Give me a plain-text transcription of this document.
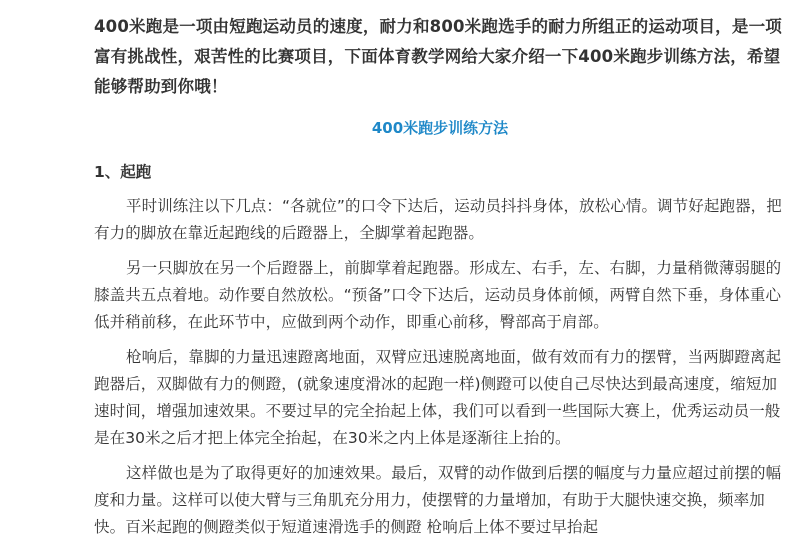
400米跑是一项由短跑运动员的速度，耐力和800米跑选手的耐力所组正的运动项目，是一项富有挑战性，艰苦性的比赛项目，下面体育教学网给大家介绍一下400米跑步训练方法，希望能够帮助到你哦！

400米跑步训练方法
1、起跑

平时训练注以下几点：“各就位”的口令下达后，运动员抖抖身体，放松心情。调节好起跑器，把有力的脚放在靠近起跑线的后蹬器上，全脚掌着起跑器。

另一只脚放在另一个后蹬器上，前脚掌着起跑器。形成左、右手，左、右脚，力量稍微薄弱腿的膝盖共五点着地。动作要自然放松。“预备”口令下达后，运动员身体前倾，两臂自然下垂，身体重心低并稍前移，在此环节中，应做到两个动作，即重心前移，臀部高于肩部。

枪响后，靠脚的力量迅速蹬离地面，双臂应迅速脱离地面，做有效而有力的摆臂，当两脚蹬离起跑器后，双脚做有力的侧蹬，(就象速度滑冰的起跑一样)侧蹬可以使自己尽快达到最高速度，缩短加速时间，增强加速效果。不要过早的完全抬起上体，我们可以看到一些国际大赛上，优秀运动员一般是在30米之后才把上体完全抬起，在30米之内上体是逐渐往上抬的。

这样做也是为了取得更好的加速效果。最后，双臂的动作做到后摆的幅度与力量应超过前摆的幅度和力量。这样可以使大臂与三角肌充分用力，使摆臂的力量增加，有助于大腿快速交换，频率加快。百米起跑的侧蹬类似于短道速滑选手的侧蹬 枪响后上体不要过早抬起
